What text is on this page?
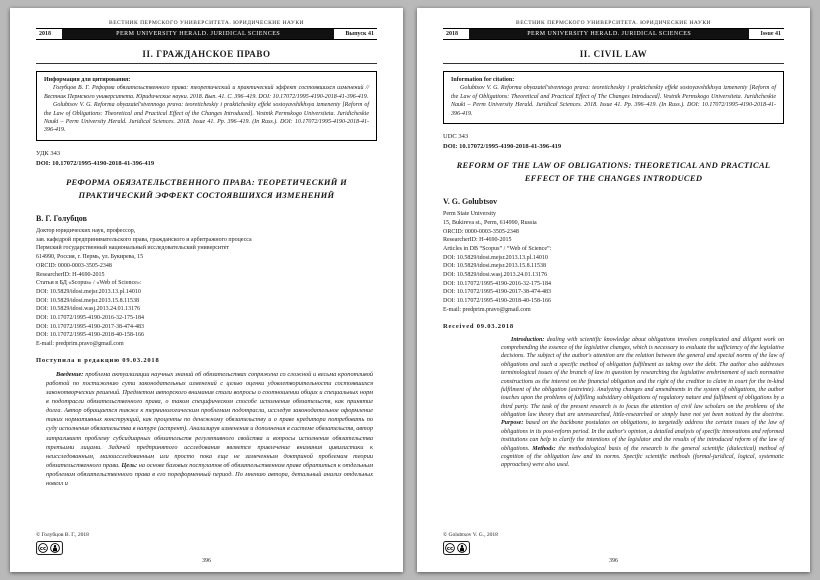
ВЕСТНИК ПЕРМСКОГО УНИВЕРСИТЕТА. ЮРИДИЧЕСКИЕ НАУКИ
2018	PERM UNIVERSITY HERALD. JURIDICAL SCIENCES	Выпуск 41
II. ГРАЖДАНСКОЕ ПРАВО
Информация для цитирования:

Голубцов В. Г. Реформа обязательственного права: теоретический и практический эффект состоявшихся изменений // Вестник Пермского университета. Юридические науки. 2018. Вып. 41. C. 396–419. DOI: 10.17072/1995-4190-2018-41-396-419.

Golubtsov V. G. Reforma obyazatel'stvennogo prava: teoreticheskiy i prakticheskiy effekt sostoyavshikhsya izmeneniy [Reform of the Law of Obligations: Theoretical and Practical Effect of the Changes Introduced]. Vestnik Permskogo Universiteta. Juridicheskie Nauki – Perm University Herald. Juridical Sciences. 2018. Issue 41. Pp. 396–419. (In Russ.). DOI: 10.17072/1995-4190-2018-41-396-419.

УДК 343
DOI: 10.17072/1995-4190-2018-41-396-419
РЕФОРМА ОБЯЗАТЕЛЬСТВЕННОГО ПРАВА: ТЕОРЕТИЧЕСКИЙ И ПРАКТИЧЕСКИЙ ЭФФЕКТ СОСТОЯВШИХСЯ ИЗМЕНЕНИЙ
В. Г. Голубцов
Доктор юридических наук, профессор,
зав. кафедрой предпринимательского права, гражданского и арбитражного процесса
Пермский государственный национальный исследовательский университет
614990, Россия, г. Пермь, ул. Букирева, 15
ORCID: 0000-0003-3505-2348
ResearcherID: H-4690-2015
Статьи в БД «Scopus» / «Web of Science»:
DOI: 10.5829/idosi.mejsr.2013.13.pl.14010
DOI: 10.5829/idosi.mejsr.2013.15.8.11538
DOI: 10.5829/idosi.wasj.2013.24.01.13176
DOI: 10.17072/1995-4190-2016-32-175-184
DOI: 10.17072/1995-4190-2017-38-474-483
DOI: 10.17072/1995-4190-2018-40-158-166
E-mail: predprim.pravo@gmail.com
Поступила в редакцию 09.03.2018

Введение: проблема актуализации научных знаний об обязательствах сопряжена со сложной и весьма кропотливой работой по постижению сути законодательных изменений с целью оценки удовлетворительности состоявшихся законотворческих решений. Предметом авторского внимания стали вопросы о соотношении общих и специальных норм в подотрасли обязательственного права, о таком специфическом способе исполнения обязательств, как принятие долга. Автор обращается также к терминологическим проблемам подотрасли, исследуя законодательное оформление таких нормативных конструкций, как проценты по денежному обязательству и о праве кредитора потребовать по суду исполнения обязательства в натуре (астрент). Анализируя изменения и дополнения в системе обязательств, автор затрагивает проблему субсидиарных обязательств регулятивного свойства и вопросы исполнения обязательства третьими лицами. Задачей предпринятого исследования является привлечение внимания цивилистики к неисследованным, малоисследованным или просто пока еще не замеченным доктриной проблемам теории обязательственного права. Цель: на основе базовых постулатов об обязательственном праве обратиться к отдельным проблемам обязательственного права в его пореформенный период. По мнению автора, детальный анализ отдельных новелл и

© Голубцов В. Г., 2018
cc
396
ВЕСТНИК ПЕРМСКОГО УНИВЕРСИТЕТА. ЮРИДИЧЕСКИЕ НАУКИ
2018	PERM UNIVERSITY HERALD. JURIDICAL SCIENCES	Issue 41
II. CIVIL LAW
Information for citation:

Golubtsov V. G. Reforma obyazatel'stvennogo prava: teoreticheskiy i prakticheskiy effekt sostoyavshikhsya izmeneniy [Reform of the Law of Obligations: Theoretical and Practical Effect of The Changes Introduced]. Vestnik Permskogo Universiteta. Juridicheskie Nauki – Perm University Herald. Juridical Sciences. 2018. Issue 41. Pp. 396–419. (In Russ.). DOI: 10.17072/1995-4190-2018-41-396-419.

UDC 343
DOI: 10.17072/1995-4190-2018-41-396-419
REFORM OF THE LAW OF OBLIGATIONS: THEORETICAL AND PRACTICAL EFFECT OF THE CHANGES INTRODUCED
V. G. Golubtsov
Perm State University
15, Bukireva st., Perm, 614990, Russia
ORCID: 0000-0003-3505-2348
ResearcherID: H-4690-2015
Articles in DB “Scopus” / “Web of Science”:
DOI: 10.5829/idosi.mejsr.2013.13.pl.14010
DOI: 10.5829/idosi.mejsr.2013.15.8.11538
DOI: 10.5829/idosi.wasj.2013.24.01.13176
DOI: 10.17072/1995-4190-2016-32-175-184
DOI: 10.17072/1995-4190-2017-38-474-483
DOI: 10.17072/1995-4190-2018-40-158-166
E-mail: predprim.pravo@gmail.com
Received 09.03.2018

Introduction: dealing with scientific knowledge about obligations involves complicated and diligent work on comprehending the essence of the legislative changes, which is necessary to evaluate the sufficiency of the legislative decisions. The subject of the author's attention are the relation between the general and special norms of the law of obligations and such a specific method of obligation fulfilment as taking over the debt. The author also addresses terminological issues of the branch of law in question by researching the legislative enshrinement of such normative constructions as the interest on the financial obligation and the right of the creditor to claim in court for the in-kind fulfilment of the obligation (astreinte). Analyzing changes and amendments in the system of obligations, the author touches upon the problems of fulfilling subsidiary obligations of regulatory nature and fulfilment of obligations by a third party. The task of the present research is to focus the attention of civil law scholars on the problems of the obligation law theory that are unresearched, little-researched or simply have not yet been noticed by the doctrine. Purpose: based on the backbone postulates on obligations, to targetedly address the certain issues of the law of obligations in its post-reform period. In the author's opinion, a detailed analysis of specific innovations and reformed institutions can help to clarify the intentions of the legislator and the results of the introduced reform of the law of obligations. Methods: the methodological basis of the research is the general scientific (dialectical) method of cognition of the obligation law and its norms. Specific scientific methods (formal-juridical, logical, systematic approaches) were also used.

© Golubtsov V. G., 2018
cc
396
